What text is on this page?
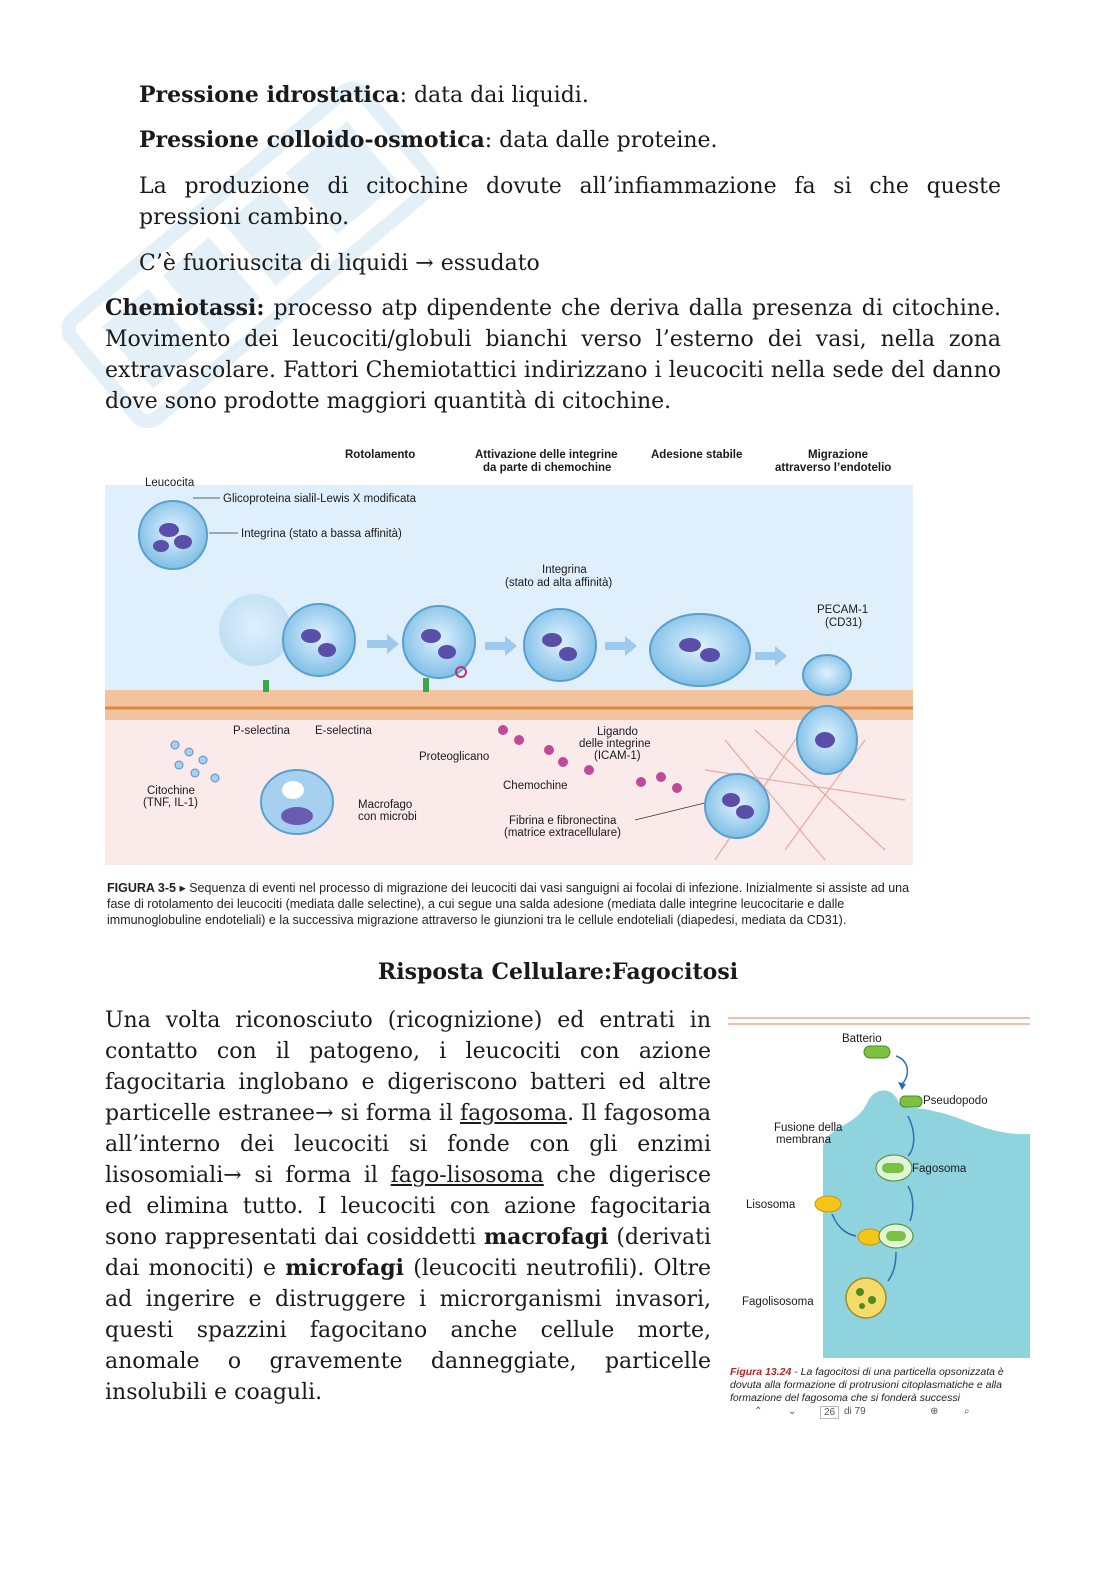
Pressione idrostatica: data dai liquidi.
Pressione colloido-osmotica: data dalle proteine.
La produzione di citochine dovute all’infiammazione fa si che queste pressioni cambino.
C’è fuoriuscita di liquidi → essudato
Chemiotassi: processo atp dipendente che deriva dalla presenza di citochine. Movimento dei leucociti/globuli bianchi verso l’esterno dei vasi, nella zona extravascolare. Fattori Chemiotattici indirizzano i leucociti nella sede del danno dove sono prodotte maggiori quantità di citochine.
Rotolamento	Attivazione delle integrine
da parte di chemochine
Adesione stabile	Migrazione
attraverso l’endotelio
Leucocita
Glicoproteina sialil-Lewis X modificata
Integrina (stato a bassa affinità)
Integrina
(stato ad alta affinità)
PECAM-1
(CD31)
P-selectina E-selectina
Proteoglicano
Ligando
delle integrine
(ICAM-1)
Chemochine
Citochine
(TNF, IL-1)	Macrofago
con microbi	Fibrina e fibronectina
(matrice extracellulare)
FIGURA 3-5 ▸ Sequenza di eventi nel processo di migrazione dei leucociti dai vasi sanguigni ai focolai di infezione. Inizialmente si assiste ad una fase di rotolamento dei leucociti (mediata dalle selectine), a cui segue una salda adesione (mediata dalle integrine leucocitarie e dalle immunoglobuline endoteliali) e la successiva migrazione attraverso le giunzioni tra le cellule endoteliali (diapedesi, mediata da CD31).
Risposta Cellulare:Fagocitosi
Una volta riconosciuto (ricognizione) ed entrati in contatto con il patogeno, i leucociti con azione fagocitaria inglobano e digeriscono batteri ed altre particelle estranee→ si forma il fagosoma. Il fagosoma all’interno dei leucociti si fonde con gli enzimi lisosomiali→ si forma il fago-lisosoma che digerisce ed elimina tutto. I leucociti con azione fagocitaria sono rappresentati dai cosiddetti macrofagi (derivati dai monociti) e microfagi (leucociti neutrofili). Oltre ad ingerire e distruggere i microrganismi invasori, questi spazzini fagocitano anche cellule morte, anomale o gravemente danneggiate, particelle insolubili e coaguli.
Batterio
Pseudopodo
Fusione della
membrana
Fagosoma
Lisosoma
Fagolisosoma
Figura 13.24 - La fagocitosi di una particella opsonizzata è dovuta alla formazione di protrusioni citoplasmatiche e alla formazione del fagosoma che si fonderà successi
⌃	⌄	26 di 79	⊕	⌕
